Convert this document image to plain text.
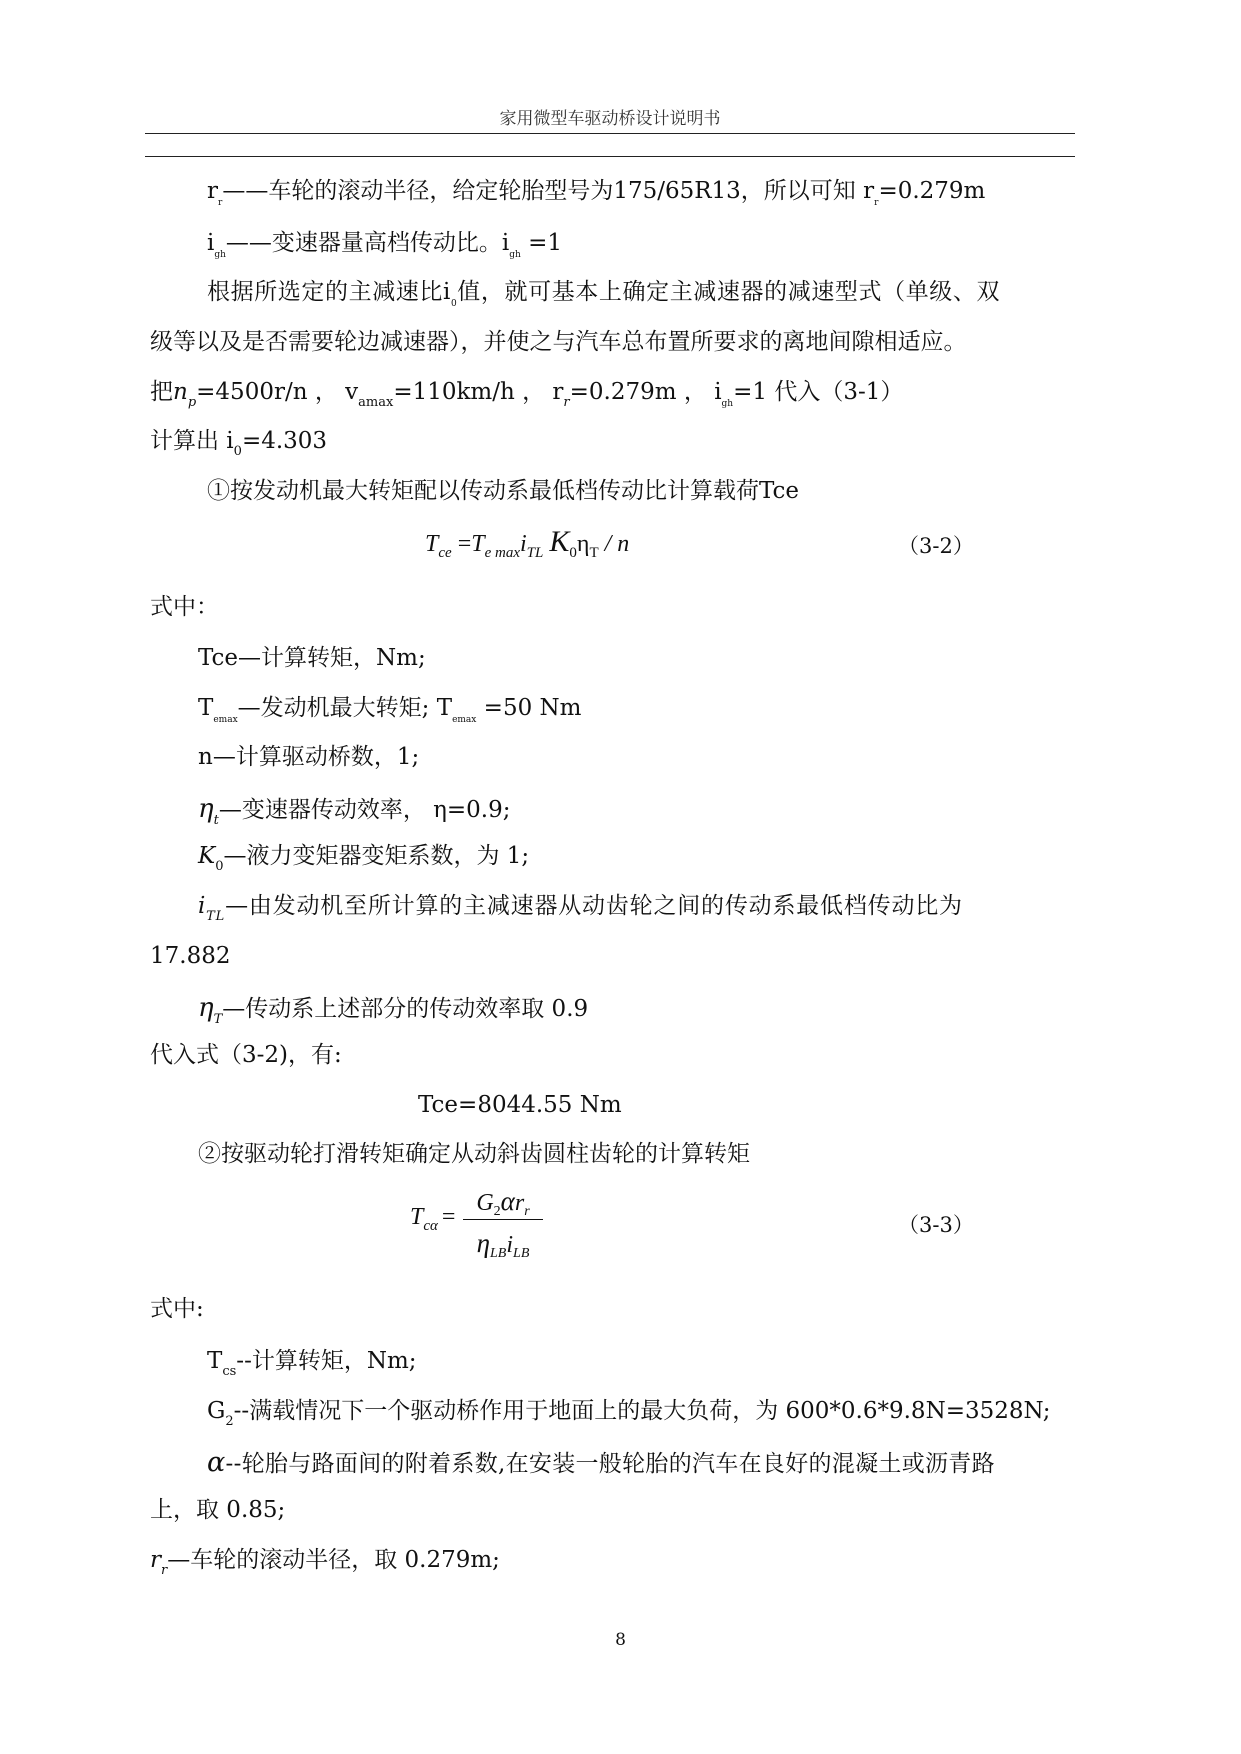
家用微型车驱动桥设计说明书
$r_r——$车轮的滚动半径，给定轮胎型号为175/65R13，所以可知 $r_r=0.279m$
$i_{gh}——$变速器量高档传动比。$i_{gh} =1$
根据所选定的主减速比$i_0$值，就可基本上确定主减速器的减速型式（单级、双
级等以及是否需要轮边减速器），并使之与汽车总布置所要求的离地间隙相适应。
把$n_p=4500r/n$ ， $v_{amax}=110km/h$ ， $r_r=0.279m$ ， $i_{gh}=1$ 代入（3-1）
计算出 $i_0=4.303$
①按发动机最大转矩配以传动系最低档传动比计算载荷Tce
$T_{ce} =T_{e max}i_{TL}$ $K_0\eta_T$ / n	（3-2）
式中：
Tce—计算转矩，Nm;
$T_{emax}—$发动机最大转矩; $T_{emax} =50$ Nm
n—计算驱动桥数，1;
$\eta_t—$变速器传动效率， η=0.9;
$K_0—$液力变矩器变矩系数，为 1;
$i_{TL}—$由发动机至所计算的主减速器从动齿轮之间的传动系最低档传动比为
17.882
$\eta_T—$传动系上述部分的传动效率取 0.9
代入式（3-2)，有:
Tce=8044.55 Nm
②按驱动轮打滑转矩确定从动斜齿圆柱齿轮的计算转矩
$T_{c\alpha}$ =
$G_2\alpha r_r$
$\eta_{LB}i_{LB}$
（3-3）
式中:
$T_{cs}--$计算转矩，Nm;
$G_2--$满载情况下一个驱动桥作用于地面上的最大负荷，为 600*0.6*9.8N=3528N;
α--轮胎与路面间的附着系数,在安装一般轮胎的汽车在良好的混凝土或沥青路
上，取 0.85;
$r_r—$车轮的滚动半径，取 0.279m;
8
